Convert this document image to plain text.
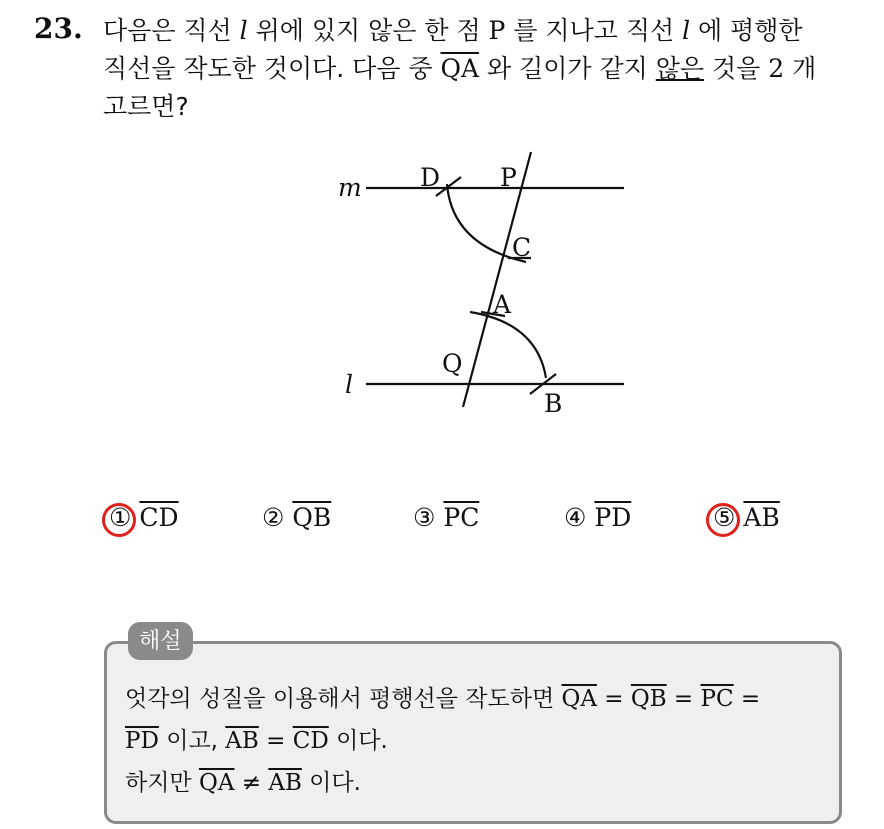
23. 다음은 직선 l 위에 있지 않은 한 점 P 를 지나고 직선 l 에 평행한
직선을 작도한 것이다. 다음 중 $\overline{QA}$ 와 길이가 같지 않은 것을 2 개
고르면?
m
l
D P
C
A
Q
B
① $\overline{CD}$	② $\overline{QB}$	③ $\overline{PC}$	④ $\overline{PD}$	⑤ $\overline{AB}$
해설
엇각의 성질을 이용해서 평행선을 작도하면 $\overline{QA} = \overline{QB} = \overline{PC}$ =
$\overline{PD}$ 이고, $\overline{AB} = \overline{CD}$ 이다.
하지만 $\overline{QA} \ne \overline{AB}$ 이다.
